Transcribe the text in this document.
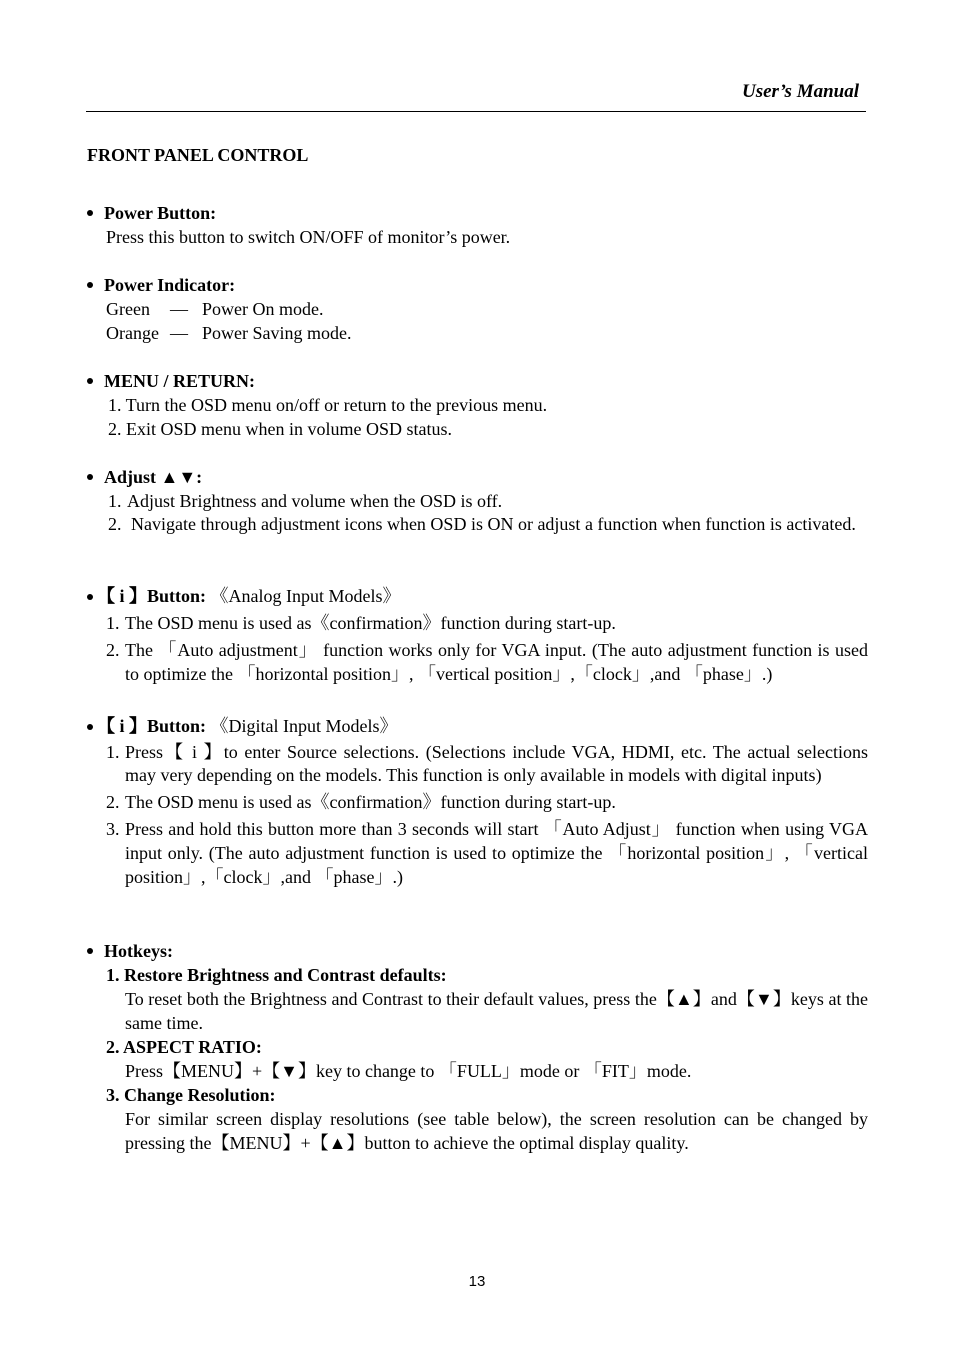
User’s Manual
FRONT PANEL CONTROL
Power Button:
Press this button to switch ON/OFF of monitor’s power.
Power Indicator:
Green — Power On mode.
Orange — Power Saving mode.
MENU / RETURN:
1. Turn the OSD menu on/off or return to the previous menu.
2. Exit OSD menu when in volume OSD status.
Adjust ▲▼:
1. Adjust Brightness and volume when the OSD is off.
2. Navigate through adjustment icons when OSD is ON or adjust a function when function is activated.
【 i 】Button: 《Analog Input Models》
1. The OSD menu is used as《confirmation》function during start-up.
2. The 「Auto adjustment」 function works only for VGA input. (The auto adjustment function is used to optimize the 「horizontal position」, 「vertical position」,「clock」,and 「phase」.)
【 i 】Button: 《Digital Input Models》
1. Press【 i 】to enter Source selections. (Selections include VGA, HDMI, etc. The actual selections may very depending on the models. This function is only available in models with digital inputs)
2. The OSD menu is used as《confirmation》function during start-up.
3. Press and hold this button more than 3 seconds will start 「Auto Adjust」 function when using VGA input only. (The auto adjustment function is used to optimize the 「horizontal position」, 「vertical position」,「clock」,and 「phase」.)
Hotkeys:
1. Restore Brightness and Contrast defaults:
To reset both the Brightness and Contrast to their default values, press the【▲】and【▼】keys at the same time.
2. ASPECT RATIO:
Press【MENU】+【▼】key to change to 「FULL」mode or 「FIT」mode.
3. Change Resolution:
For similar screen display resolutions (see table below), the screen resolution can be changed by pressing the【MENU】+【▲】button to achieve the optimal display quality.
13
